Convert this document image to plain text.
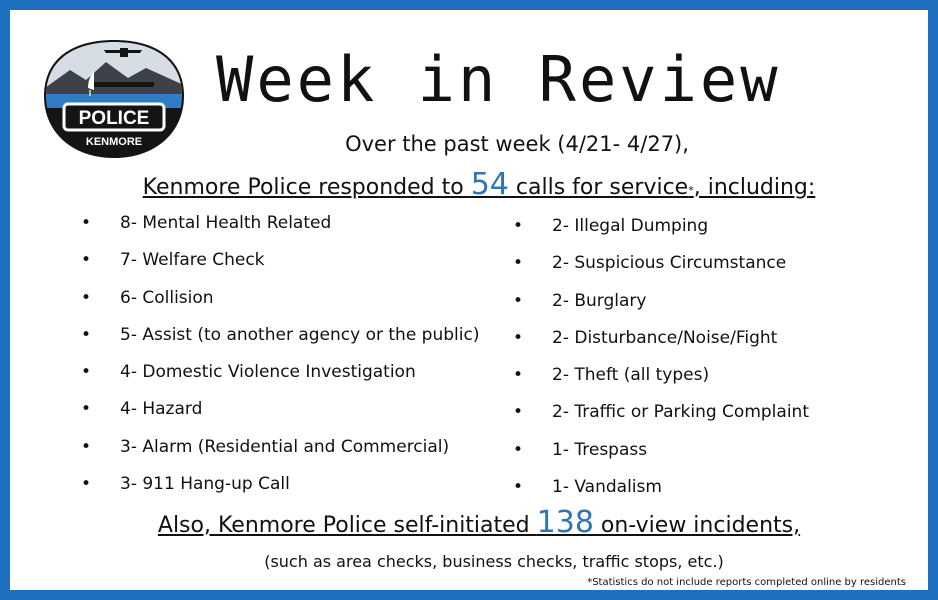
POLICE
KENMORE
Week in Review
Over the past week (4/21- 4/27),
Kenmore Police responded to 54 calls for service*, including:
• 8- Mental Health Related
• 7- Welfare Check
• 6- Collision
• 5- Assist (to another agency or the public)
• 4- Domestic Violence Investigation
• 4- Hazard
• 3- Alarm (Residential and Commercial)
• 3- 911 Hang-up Call
• 2- Illegal Dumping
• 2- Suspicious Circumstance
• 2- Burglary
• 2- Disturbance/Noise/Fight
• 2- Theft (all types)
• 2- Traffic or Parking Complaint
• 1- Trespass
• 1- Vandalism
Also, Kenmore Police self-initiated 138 on-view incidents,
(such as area checks, business checks, traffic stops, etc.)
*Statistics do not include reports completed online by residents
